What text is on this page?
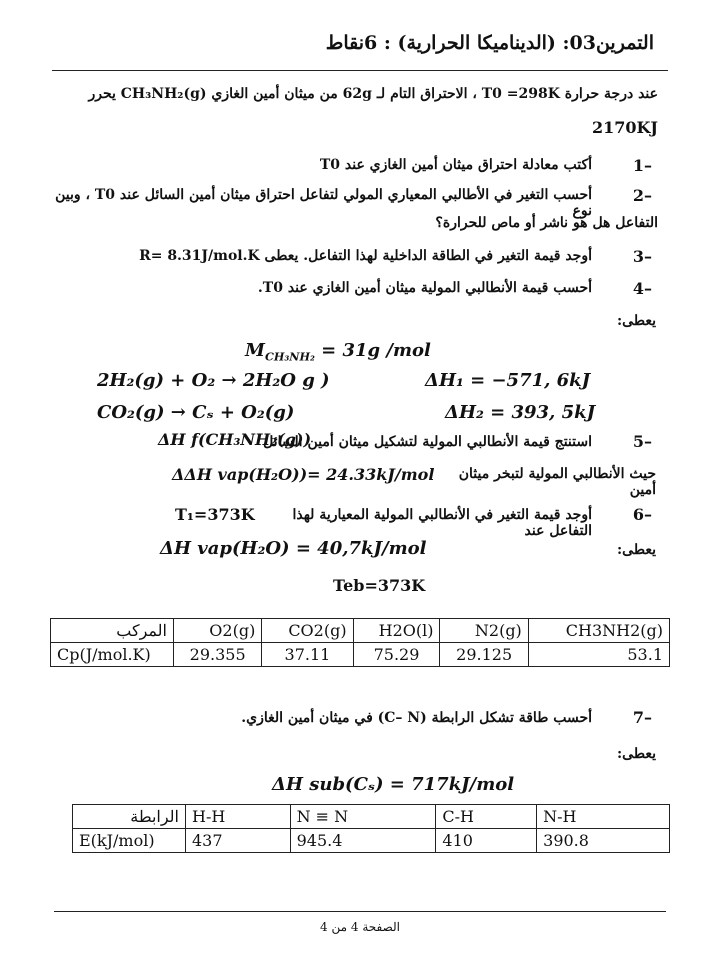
التمرين03: (الديناميكا الحرارية) : 6نقاط
عند درجة حرارة T0 =298K ، الاحتراق التام لـ 62g من ميثان أمين الغازي CH₃NH₂(g) يحرر
2170KJ
1–
أكتب معادلة احتراق ميثان أمين الغازي عند T0
2–
أحسب التغير في الأطالبي المعياري المولي لتفاعل احتراق ميثان أمين السائل عند T0 ، وبين نوع
التفاعل هل هو ناشر أو ماص للحرارة؟
3–
أوجد قيمة التغير في الطاقة الداخلية لهذا التفاعل. يعطى R= 8.31J/mol.K
4–
أحسب قيمة الأنطالبي المولية ميثان أمين الغازي عند T0.
يعطى:
$M_{CH_3NH_2} = 31g$ /mol
2H₂(g) + O₂ → 2H₂O g )	ΔH₁ = −571, 6kJ
CO₂(g) → Cₛ + O₂(g)	ΔH₂ = 393, 5kJ
5–
استنتج قيمة الأنطالبي المولية لتشكيل ميثان أمين السائل
ΔH f(CH₃NH₂(g))
حيث الأنطالبي المولية لتبخر ميثان أمين
ΔΔH vap(H₂O))= 24.33kJ/mol
6–
أوجد قيمة التغير في الأنطالبي المولية المعيارية لهذا التفاعل عند
T₁=373K
يعطى:
ΔH vap(H₂O) = 40,7kJ/mol
Teb=373K
المركب	O2(g)	CO2(g)	H2O(l)	N2(g)	CH3NH2(g)
Cp(J/mol.K)	29.355	37.11	75.29	29.125	53.1
7–
أحسب طاقة تشكل الرابطة (C– N) في ميثان أمين الغازي.
يعطى:
ΔH sub(Cₛ) = 717kJ/mol
الرابطة	H-H	N ≡ N	C-H	N-H
E(kJ/mol)	437	945.4	410	390.8
الصفحة 4 من 4
